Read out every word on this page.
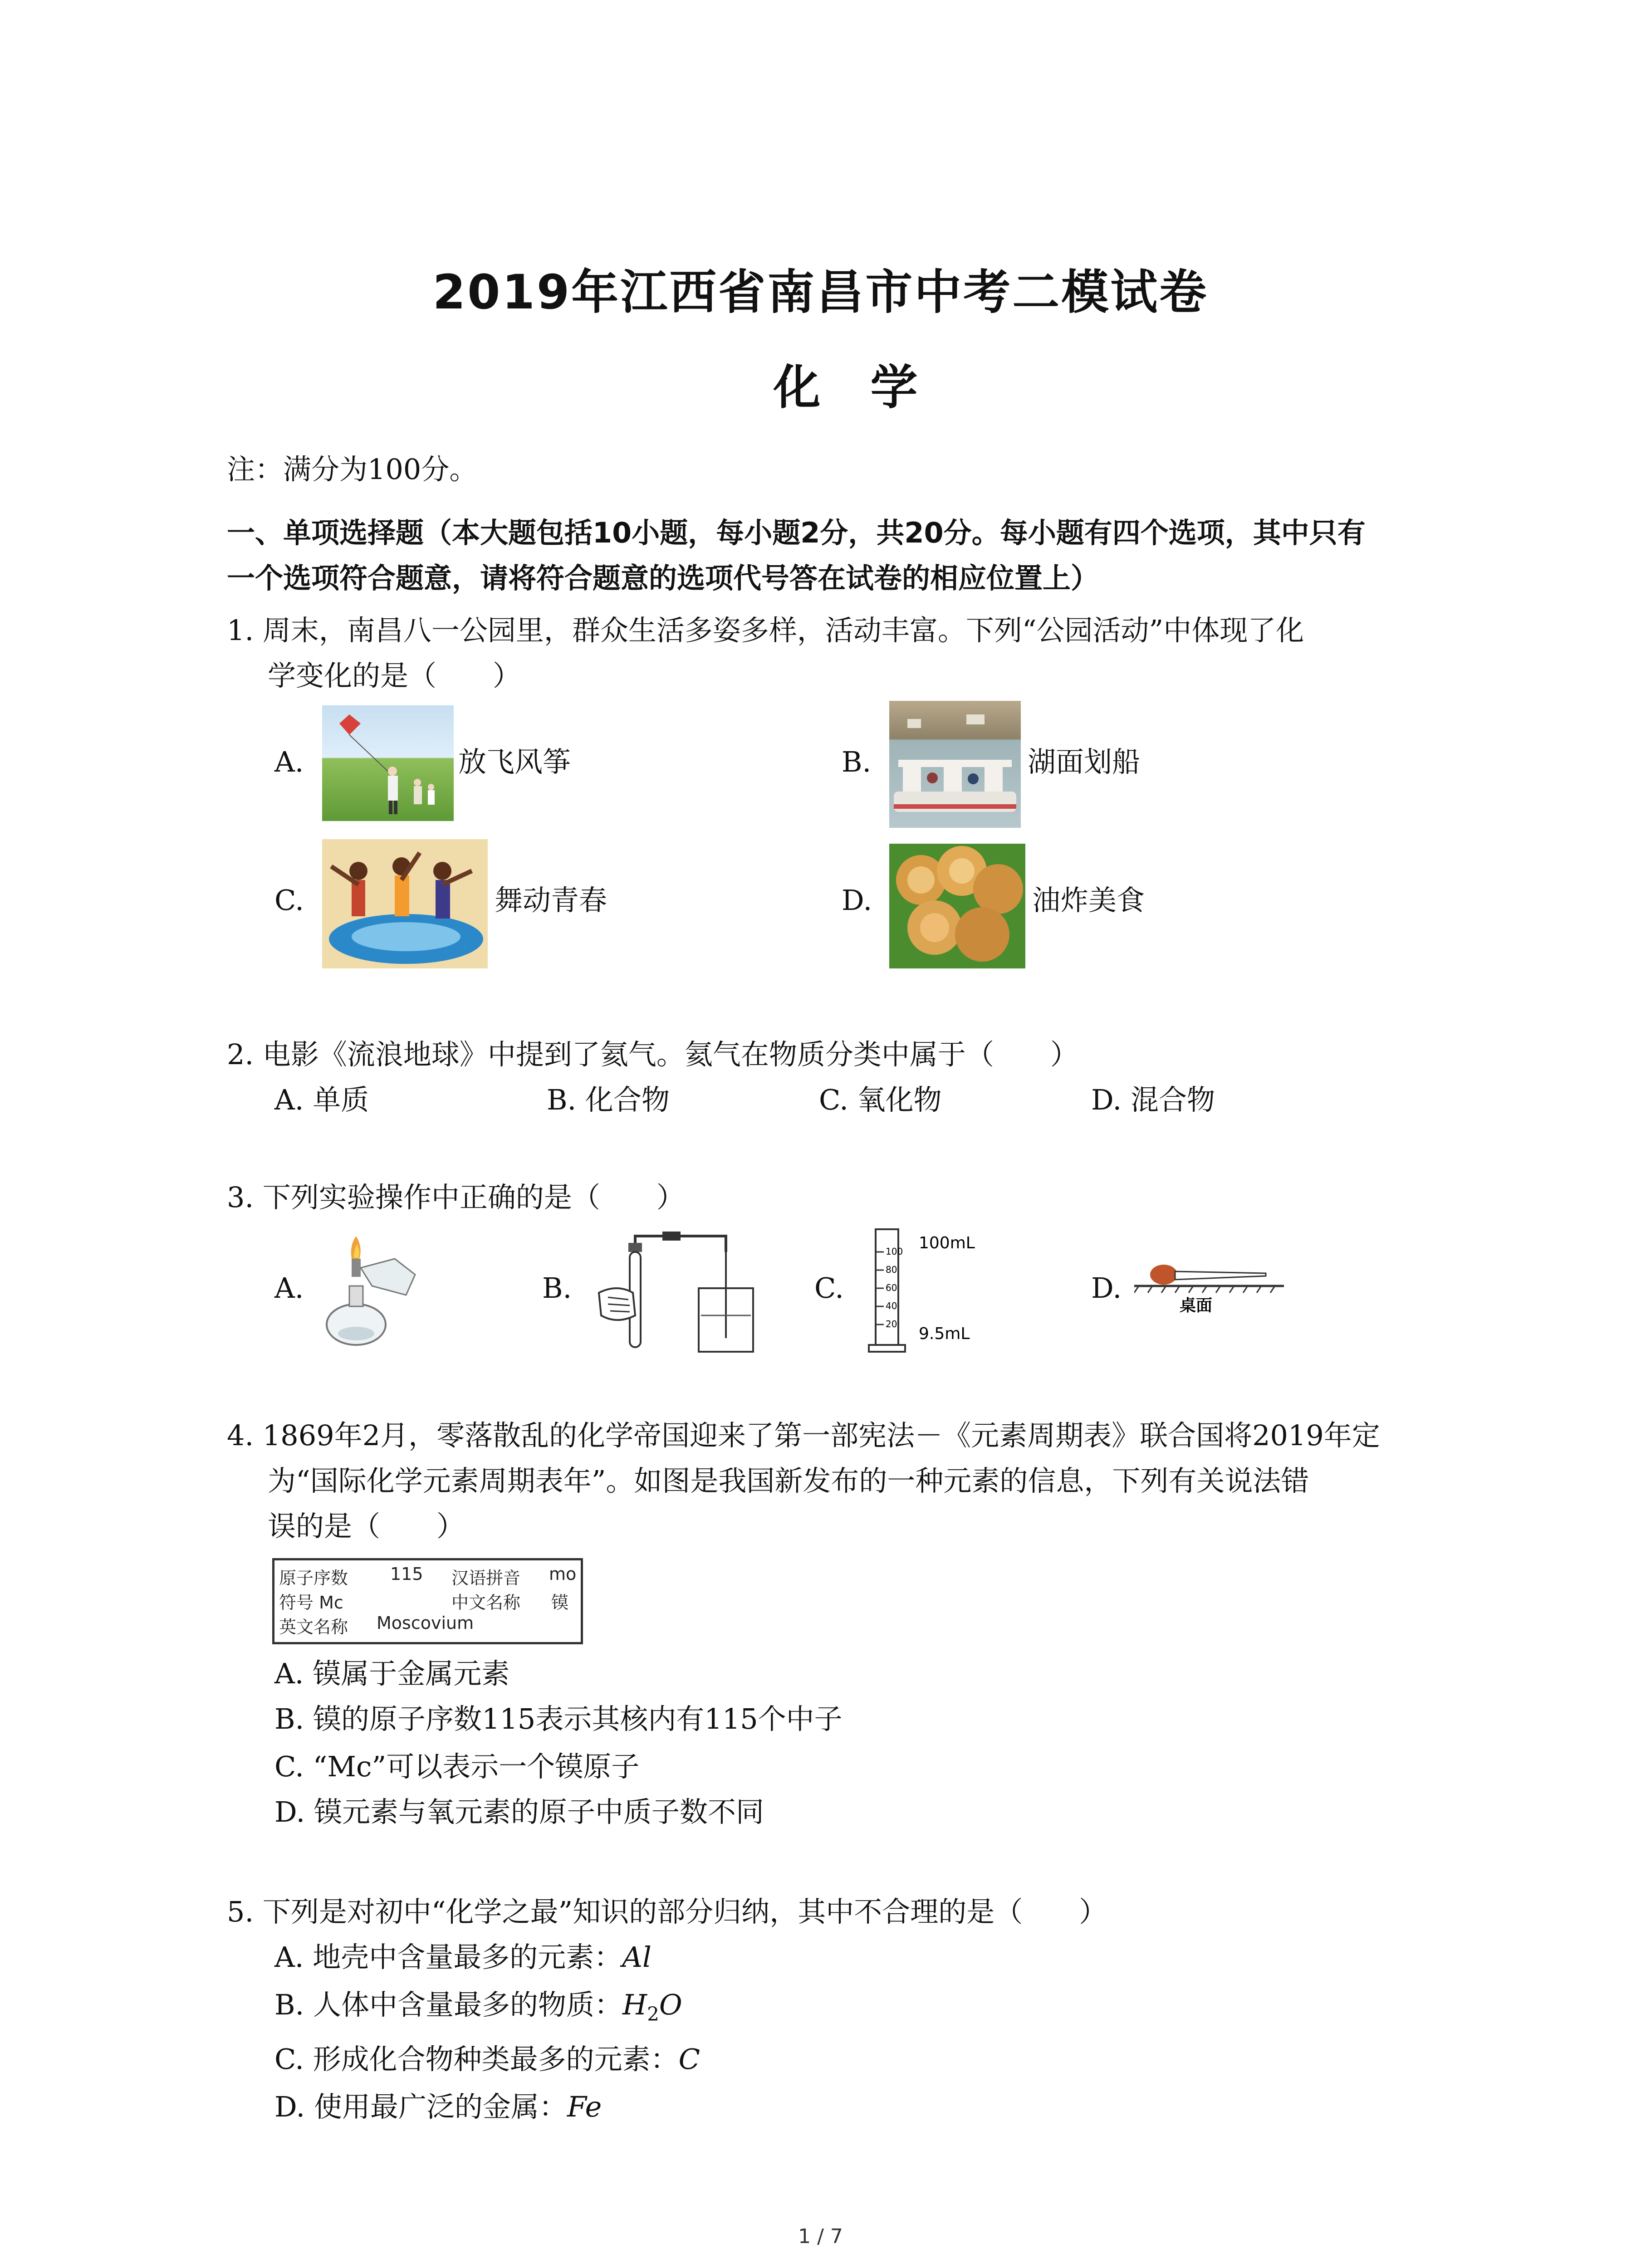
2019年江西省南昌市中考二模试卷
化学
注：满分为100分。
一、单项选择题（本大题包括10小题，每小题2分，共20分。每小题有四个选项，其中只有
一个选项符合题意，请将符合题意的选项代号答在试卷的相应位置上）
1. 周末，南昌八一公园里，群众生活多姿多样，活动丰富。下列“公园活动”中体现了化
学变化的是（　　）
A.	放飞风筝	B.	湖面划船
C.	舞动青春	D.	油炸美食
2. 电影《流浪地球》中提到了氦气。氦气在物质分类中属于（　　）
A. 单质	B. 化合物	C. 氧化物	D. 混合物
3. 下列实验操作中正确的是（　　）
A.	B.	C.
100
80
60
40
20
100mL
9.5mL
D.
桌面
4. 1869年2月，零落散乱的化学帝国迎来了第一部宪法－《元素周期表》联合国将2019年定
为“国际化学元素周期表年”。如图是我国新发布的一种元素的信息，下列有关说法错
误的是（　　）
原子序数 115 汉语拼音 mo
符号 Mc	中文名称 镆
英文名称 Moscovium
A. 镆属于金属元素
B. 镆的原子序数115表示其核内有115个中子
C. “Mc”可以表示一个镆原子
D. 镆元素与氧元素的原子中质子数不同
5. 下列是对初中“化学之最”知识的部分归纳，其中不合理的是（　　）
A. 地壳中含量最多的元素：Al
B. 人体中含量最多的物质：$H_2O$
C. 形成化合物种类最多的元素：C
D. 使用最广泛的金属：Fe
1 / 7
